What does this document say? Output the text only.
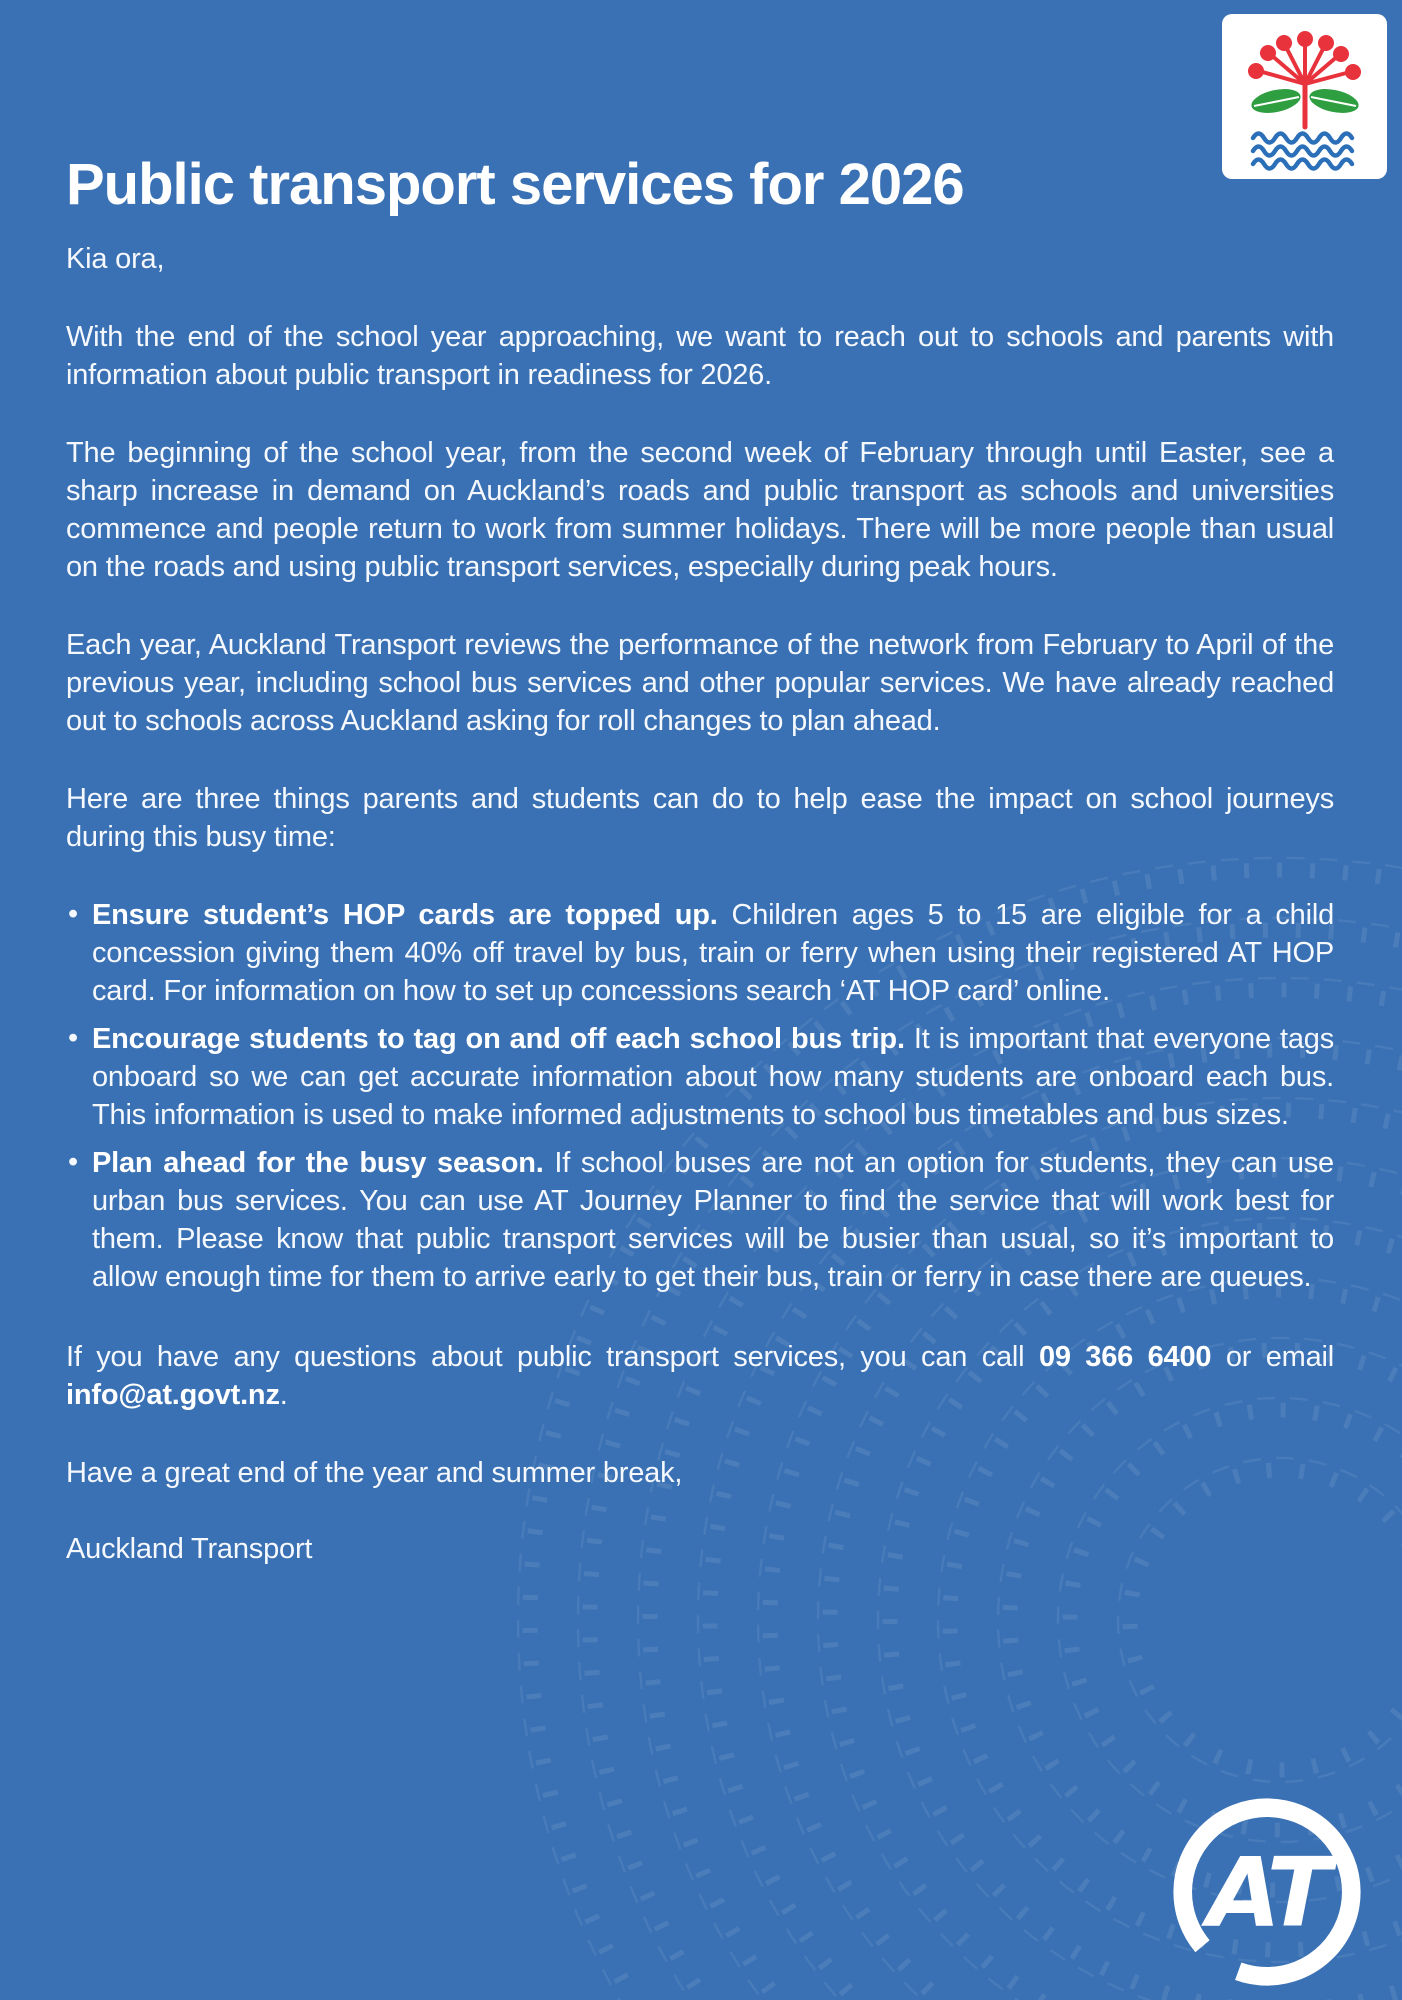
Public transport services for 2026

Kia ora,

With the end of the school year approaching, we want to reach out to schools and parents with information about public transport in readiness for 2026.

The beginning of the school year, from the second week of February through until Easter, see a sharp increase in demand on Auckland’s roads and public transport as schools and universities commence and people return to work from summer holidays. There will be more people than usual on the roads and using public transport services, especially during peak hours.

Each year, Auckland Transport reviews the performance of the network from February to April of the previous year, including school bus services and other popular services. We have already reached out to schools across Auckland asking for roll changes to plan ahead.

Here are three things parents and students can do to help ease the impact on school journeys during this busy time:

• Ensure student’s HOP cards are topped up. Children ages 5 to 15 are eligible for a child concession giving them 40% off travel by bus, train or ferry when using their registered AT HOP card. For information on how to set up concessions search ‘AT HOP card’ online.
• Encourage students to tag on and off each school bus trip. It is important that everyone tags onboard so we can get accurate information about how many students are onboard each bus. This information is used to make informed adjustments to school bus timetables and bus sizes.
• Plan ahead for the busy season. If school buses are not an option for students, they can use urban bus services. You can use AT Journey Planner to find the service that will work best for them. Please know that public transport services will be busier than usual, so it’s important to allow enough time for them to arrive early to get their bus, train or ferry in case there are queues.

If you have any questions about public transport services, you can call 09 366 6400 or email info@at.govt.nz.

Have a great end of the year and summer break,

Auckland Transport

AT
